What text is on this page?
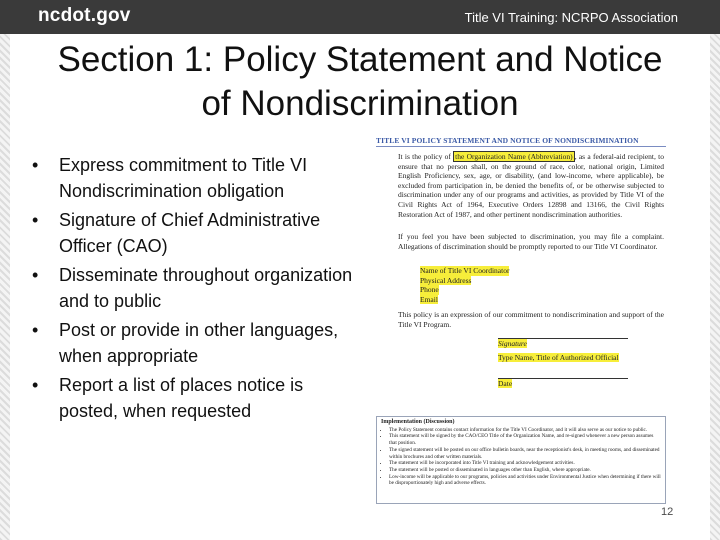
ncdot.gov	Title VI Training: NCRPO Association
Section 1: Policy Statement and Notice of Nondiscrimination
• Express commitment to Title VI Nondiscrimination obligation
• Signature of Chief Administrative Officer (CAO)
• Disseminate throughout organization and to public
• Post or provide in other languages, when appropriate
• Report a list of places notice is posted, when requested
TITLE VI POLICY STATEMENT AND NOTICE OF NONDISCRIMINATION
It is the policy of the Organization Name (Abbreviation) , as a federal-aid recipient, to ensure that no person shall, on the ground of race, color, national origin, Limited English Proficiency, sex, age, or disability, (and low-income, where applicable), be excluded from participation in, be denied the benefits of, or be otherwise subjected to discrimination under any of our programs and activities, as provided by Title VI of the Civil Rights Act of 1964, Executive Orders 12898 and 13166, the Civil Rights Restoration Act of 1987, and other pertinent nondiscrimination authorities.
If you feel you have been subjected to discrimination, you may file a complaint. Allegations of discrimination should be promptly reported to our Title VI Coordinator.
Name of Title VI Coordinator
Physical Address
Phone
Email
This policy is an expression of our commitment to nondiscrimination and support of the Title VI Program.
Signature
Type Name, Title of Authorized Official
Date
Implementation (Discussion)
• The Policy Statement contains contact information for the Title VI Coordinator, and it will also serve as our notice to public.
• This statement will be signed by the CAO/CEO Title of the Organization Name, and re-signed whenever a new person assumes that position.
• The signed statement will be posted on our office bulletin boards, near the receptionist's desk, in meeting rooms, and disseminated within brochures and other written materials.
• The statement will be incorporated into Title VI training and acknowledgement activities.
• The statement will be posted or disseminated in languages other than English, where appropriate.
• Low-income will be applicable to our programs, policies and activities under Environmental Justice when determining if there will be disproportionately high and adverse effects.
12
